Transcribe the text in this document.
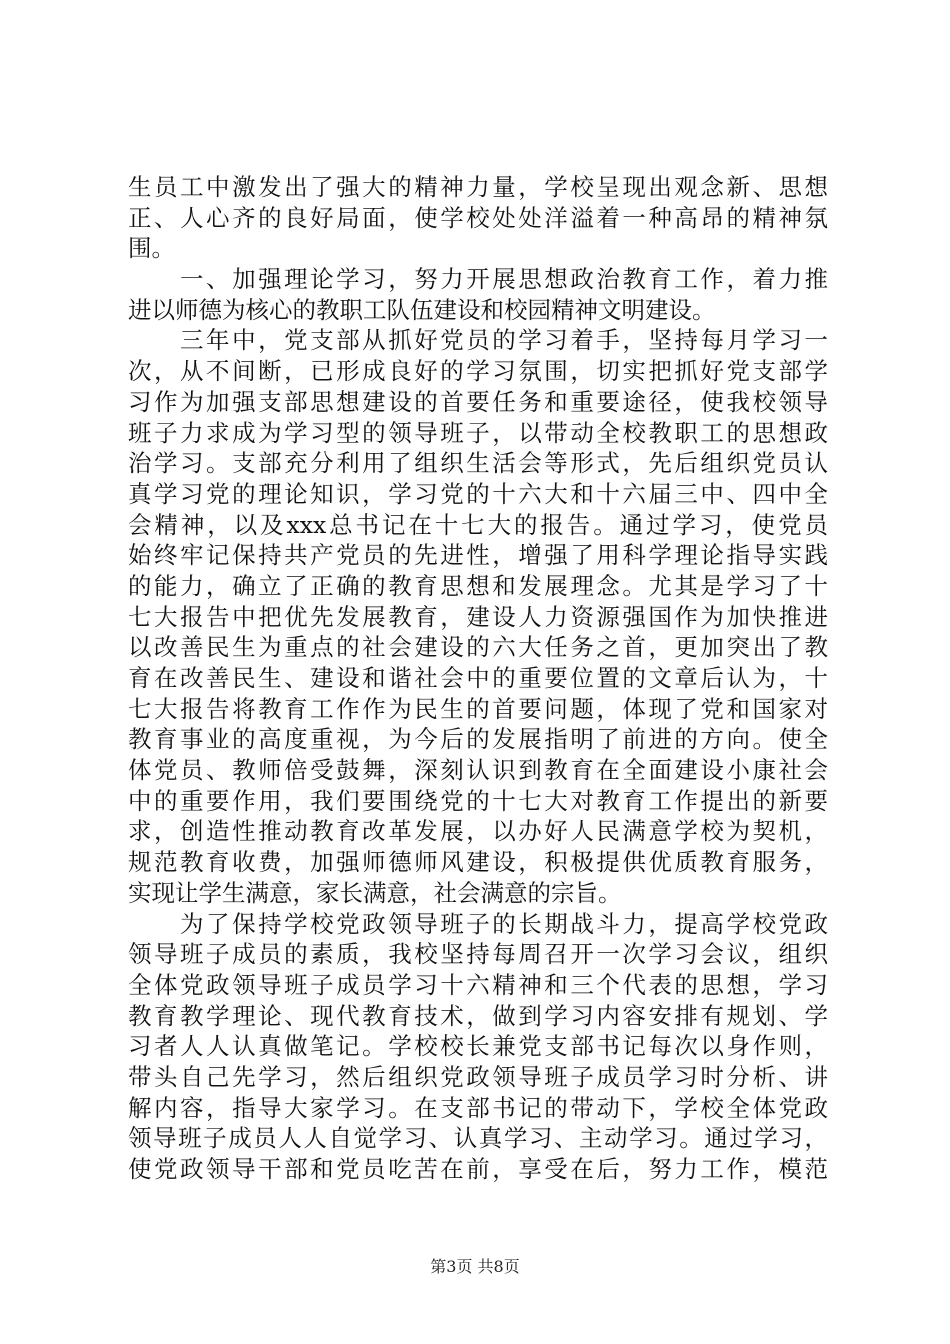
生员工中激发出了强大的精神力量，学校呈现出观念新、思想
正、人心齐的良好局面，使学校处处洋溢着一种高昂的精神氛
围。
　　一、加强理论学习，努力开展思想政治教育工作，着力推
进以师德为核心的教职工队伍建设和校园精神文明建设。
　　三年中，党支部从抓好党员的学习着手，坚持每月学习一
次，从不间断，已形成良好的学习氛围，切实把抓好党支部学
习作为加强支部思想建设的首要任务和重要途径，使我校领导
班子力求成为学习型的领导班子，以带动全校教职工的思想政
治学习。支部充分利用了组织生活会等形式，先后组织党员认
真学习党的理论知识，学习党的十六大和十六届三中、四中全
会精神，以及xxx总书记在十七大的报告。通过学习，使党员
始终牢记保持共产党员的先进性，增强了用科学理论指导实践
的能力，确立了正确的教育思想和发展理念。尤其是学习了十
七大报告中把优先发展教育，建设人力资源强国作为加快推进
以改善民生为重点的社会建设的六大任务之首，更加突出了教
育在改善民生、建设和谐社会中的重要位置的文章后认为，十
七大报告将教育工作作为民生的首要问题，体现了党和国家对
教育事业的高度重视，为今后的发展指明了前进的方向。使全
体党员、教师倍受鼓舞，深刻认识到教育在全面建设小康社会
中的重要作用，我们要围绕党的十七大对教育工作提出的新要
求，创造性推动教育改革发展，以办好人民满意学校为契机，
规范教育收费，加强师德师风建设，积极提供优质教育服务，
实现让学生满意，家长满意，社会满意的宗旨。
　　为了保持学校党政领导班子的长期战斗力，提高学校党政
领导班子成员的素质，我校坚持每周召开一次学习会议，组织
全体党政领导班子成员学习十六精神和三个代表的思想，学习
教育教学理论、现代教育技术，做到学习内容安排有规划、学
习者人人认真做笔记。学校校长兼党支部书记每次以身作则，
带头自己先学习，然后组织党政领导班子成员学习时分析、讲
解内容，指导大家学习。在支部书记的带动下，学校全体党政
领导班子成员人人自觉学习、认真学习、主动学习。通过学习，
使党政领导干部和党员吃苦在前，享受在后，努力工作，模范
第3页 共8页
